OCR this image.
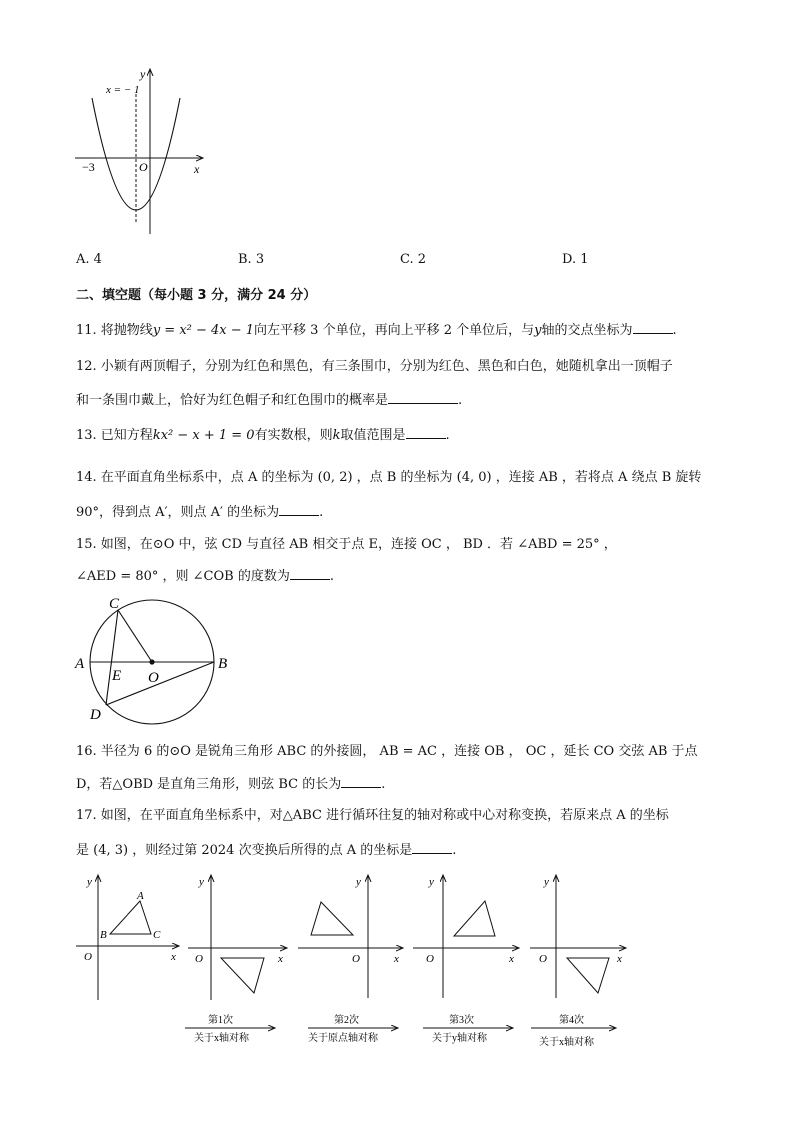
x = − 1
y
x
O
−3
A. 4	B. 3	C. 2	D. 1
二、填空题（每小题 3 分，满分 24 分）
11. 将抛物线y = x² − 4x − 1向左平移 3 个单位，再向上平移 2 个单位后，与y轴的交点坐标为	.
12. 小颖有两顶帽子，分别为红色和黑色，有三条围巾，分别为红色、黑色和白色，她随机拿出一顶帽子
和一条围巾戴上，恰好为红色帽子和红色围巾的概率是	.
13. 已知方程kx² − x + 1 = 0有实数根，则k取值范围是	.
14. 在平面直角坐标系中，点 A 的坐标为 (0, 2) ，点 B 的坐标为 (4, 0) ，连接 AB ，若将点 A 绕点 B 旋转
90°，得到点 A′，则点 A′ 的坐标为	.
15. 如图，在⊙O 中，弦 CD 与直径 AB 相交于点 E，连接 OC ， BD ．若 ∠ABD = 25° ，
∠AED = 80° ，则 ∠COB 的度数为	.
C
A	B
E O
D
16. 半径为 6 的⊙O 是锐角三角形 ABC 的外接圆， AB = AC ，连接 OB ， OC ，延长 CO 交弦 AB 于点
D，若△OBD 是直角三角形，则弦 BC 的长为	.
17. 如图，在平面直角坐标系中，对△ABC 进行循环往复的轴对称或中心对称变换，若原来点 A 的坐标
是 (4, 3) ，则经过第 2024 次变换后所得的点 A 的坐标是	.
A
B	C
O	x
y
O	x
y
O	x
y
O	x
y
O	x
y
第1次
关于x轴对称
第2次
关于原点轴对称
第3次
关于y轴对称
第4次
关于x轴对称
